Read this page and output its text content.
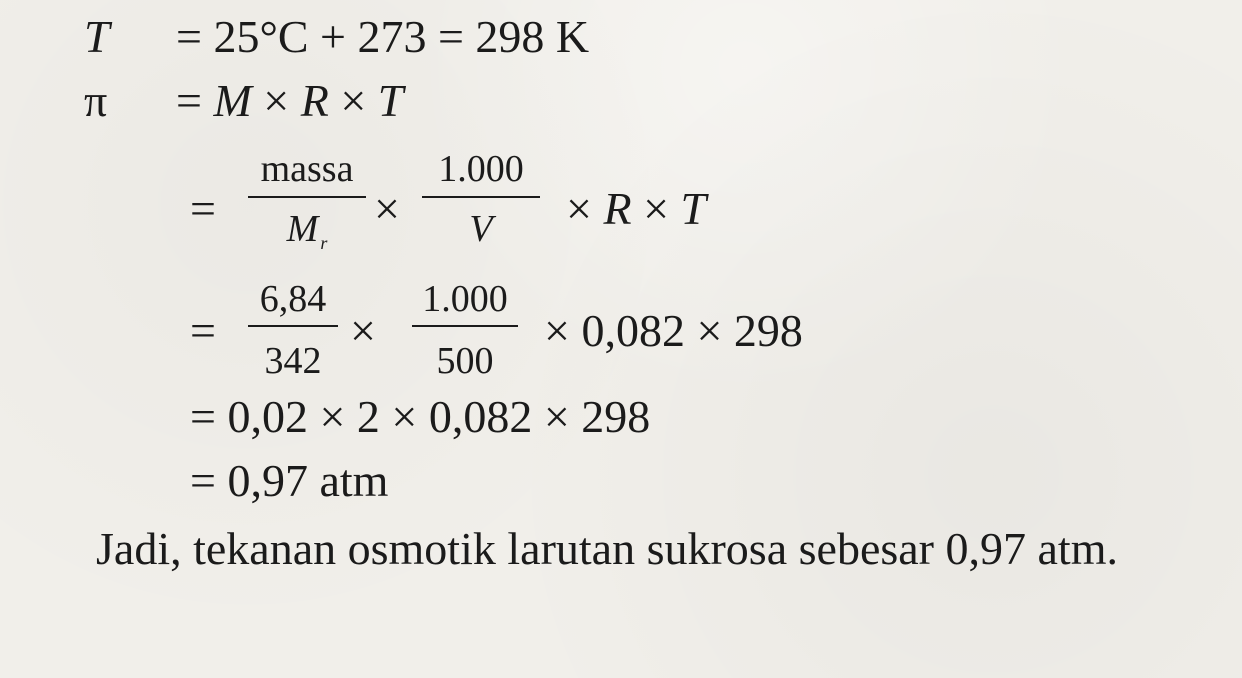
T = 25°C + 273 = 298 K
π = M × R × T
=
massa
M $_r$
×
1.000
V	× R × T
=
6,84
342
×
1.000
500
× 0,082 × 298
= 0,02 × 2 × 0,082 × 298
= 0,97 atm
Jadi, tekanan osmotik larutan sukrosa sebesar 0,97 atm.
